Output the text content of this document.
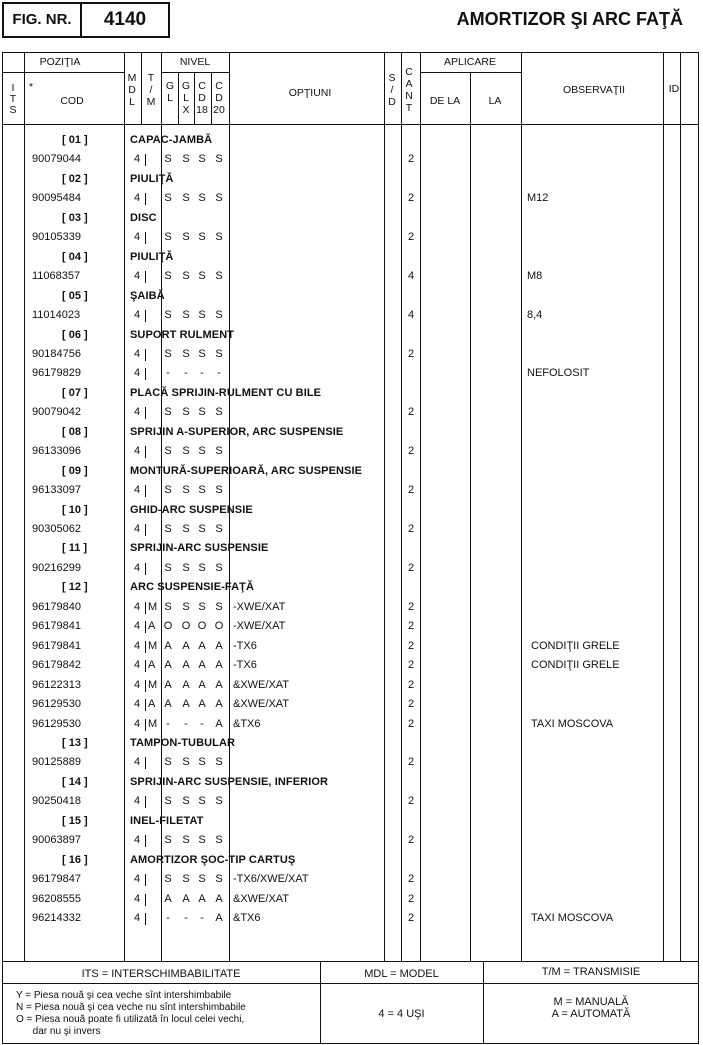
FIG. NR.	4140	AMORTIZOR ŞI ARC FAŢĂ
POZIŢIA
I
T
S
*
COD
M
D
L
T
/
M
NIVEL
G
L
G
L
X
C
D
18
C
D
20
OPŢIUNI
S
/
D
C
A
N
T
APLICARE
DE LA	LA
OBSERVAŢII	ID
[ 01 ]	CAPAC-JAMBĂ
90079044	4	S S S S	2
[ 02 ]	PIULIŢĂ
90095484	4	S S S S	2	M12
[ 03 ]	DISC
90105339	4	S S S S	2
[ 04 ]	PIULIŢĂ
11068357	4	S S S S	4	M8
[ 05 ]	ŞAIBĂ
11014023	4	S S S S	4	8,4
[ 06 ]	SUPORT RULMENT
90184756	4	S S S S	2
96179829	4	-	-	-	-	NEFOLOSIT
[ 07 ]	PLACĂ SPRIJIN-RULMENT CU BILE
90079042	4	S S S S	2
[ 08 ]	SPRIJIN A-SUPERIOR, ARC SUSPENSIE
96133096	4	S S S S	2
[ 09 ]	MONTURĂ-SUPERIOARĂ, ARC SUSPENSIE
96133097	4	S S S S	2
[ 10 ]	GHID-ARC SUSPENSIE
90305062	4	S S S S	2
[ 11 ]	SPRIJIN-ARC SUSPENSIE
90216299	4	S S S S	2
[ 12 ]	ARC SUSPENSIE-FAŢĂ
96179840	4 M S S S S -XWE/XAT	2
96179841	4 A O O O O -XWE/XAT	2
96179841	4 M A A A A -TX6	2	CONDIŢII GRELE
96179842	4 A A A A A -TX6	2	CONDIŢII GRELE
96122313	4 M A A A A &XWE/XAT	2
96129530	4 A A A A A &XWE/XAT	2
96129530	4 M -	-	-	A &TX6	2	TAXI MOSCOVA
[ 13 ]	TAMPON-TUBULAR
90125889	4	S S S S	2
[ 14 ]	SPRIJIN-ARC SUSPENSIE, INFERIOR
90250418	4	S S S S	2
[ 15 ]	INEL-FILETAT
90063897	4	S S S S	2
[ 16 ]	AMORTIZOR ŞOC-TIP CARTUŞ
96179847	4	S S S S -TX6/XWE/XAT	2
96208555	4	A A A A &XWE/XAT	2
96214332	4	-	-	-	A &TX6	2	TAXI MOSCOVA
ITS = INTERSCHIMBABILITATE	MDL = MODEL	T/M = TRANSMISIE
Y = Piesa nouă şi cea veche sînt intershimbabile
N = Piesa nouă şi cea veche nu sînt intershimbabile
O = Piesa nouă poate fi utilizată în locul celei vechi,
dar nu şi invers
4 = 4 UŞI
M = MANUALĂ
A = AUTOMATĂ
